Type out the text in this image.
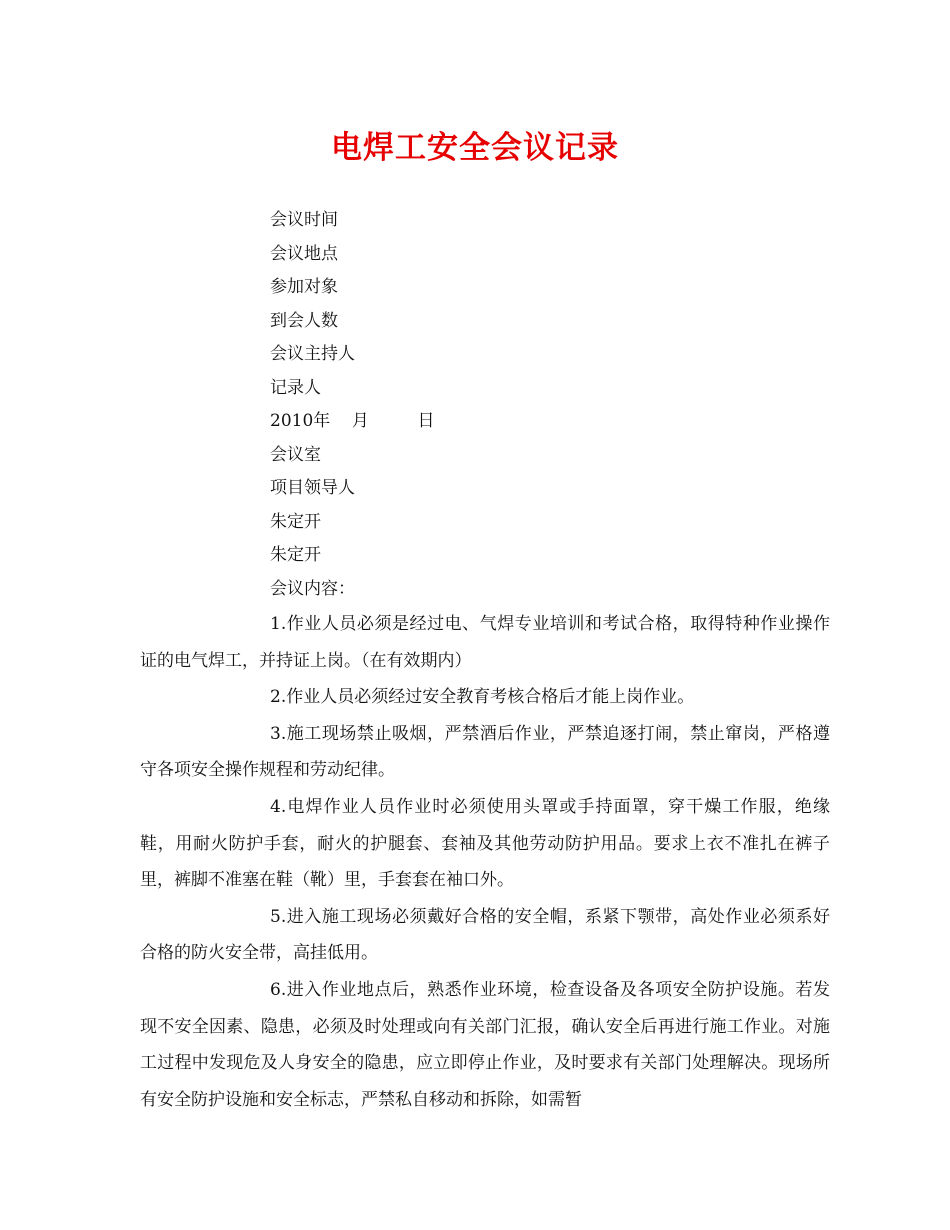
电焊工安全会议记录
会议时间
会议地点
参加对象
到会人数
会议主持人
记录人
2010年    月         日
会议室
项目领导人
朱定开
朱定开
会议内容：

1.作业人员必须是经过电、气焊专业培训和考试合格，取得特种作业操作证的电气焊工，并持证上岗。（在有效期内）

2.作业人员必须经过安全教育考核合格后才能上岗作业。

3.施工现场禁止吸烟，严禁酒后作业，严禁追逐打闹，禁止窜岗，严格遵守各项安全操作规程和劳动纪律。

4.电焊作业人员作业时必须使用头罩或手持面罩，穿干燥工作服，绝缘鞋，用耐火防护手套，耐火的护腿套、套袖及其他劳动防护用品。要求上衣不准扎在裤子里，裤脚不准塞在鞋（靴）里，手套套在袖口外。

5.进入施工现场必须戴好合格的安全帽，系紧下颚带，高处作业必须系好合格的防火安全带，高挂低用。

6.进入作业地点后，熟悉作业环境，检查设备及各项安全防护设施。若发现不安全因素、隐患，必须及时处理或向有关部门汇报，确认安全后再进行施工作业。对施工过程中发现危及人身安全的隐患，应立即停止作业，及时要求有关部门处理解决。现场所有安全防护设施和安全标志，严禁私自移动和拆除，如需暂
